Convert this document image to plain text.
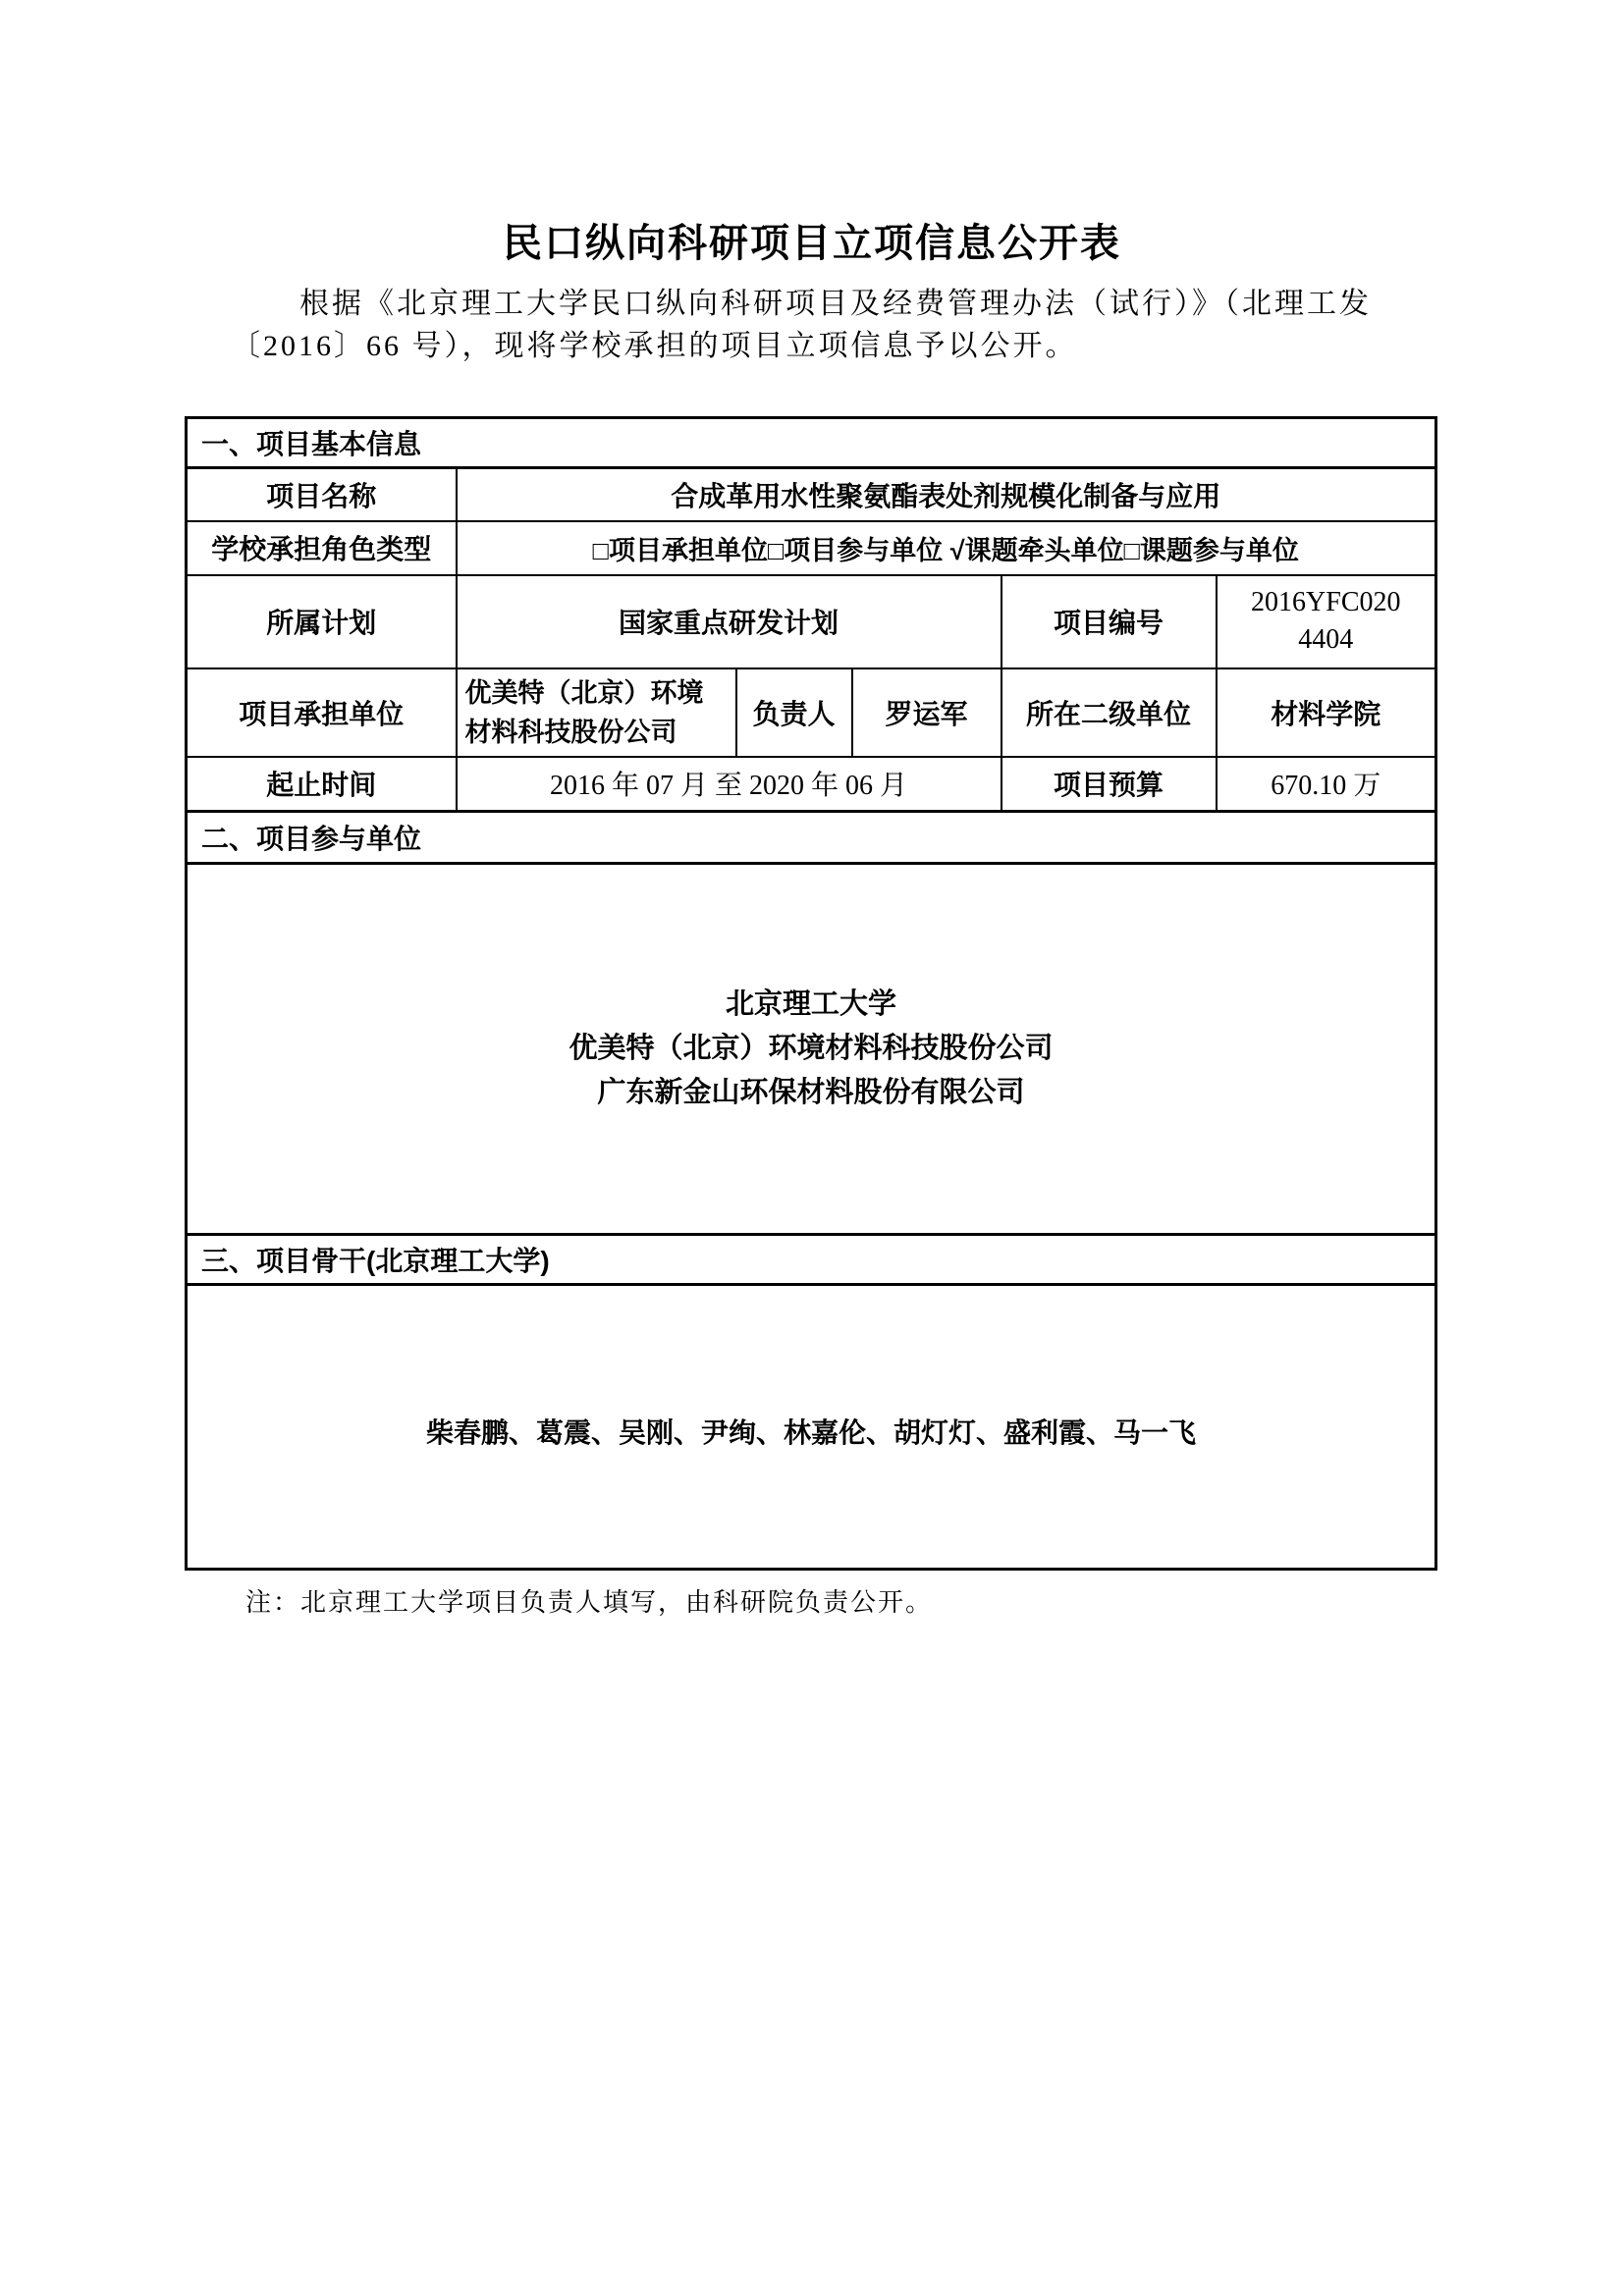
民口纵向科研项目立项信息公开表
根据《北京理工大学民口纵向科研项目及经费管理办法（试行）》（北理工发〔2016〕66 号），现将学校承担的项目立项信息予以公开。
一、项目基本信息					
项目名称	合成革用水性聚氨酯表处剂规模化制备与应用				
学校承担角色类型	□项目承担单位□项目参与单位 √课题牵头单位□课题参与单位				
所属计划	国家重点研发计划			项目编号	2016YFC0204404
项目承担单位	优美特（北京）环境材料科技股份公司	负责人	罗运军	所在二级单位	材料学院
起止时间	2016 年 07 月 至 2020 年 06 月			项目预算	670.10 万
二、项目参与单位					

北京理工大学
优美特（北京）环境材料科技股份公司
广东新金山环保材料股份有限公司					

三、项目骨干(北京理工大学)					
柴春鹏、葛震、吴刚、尹绚、林嘉伦、胡灯灯、盛利霞、马一飞					
注：北京理工大学项目负责人填写，由科研院负责公开。
